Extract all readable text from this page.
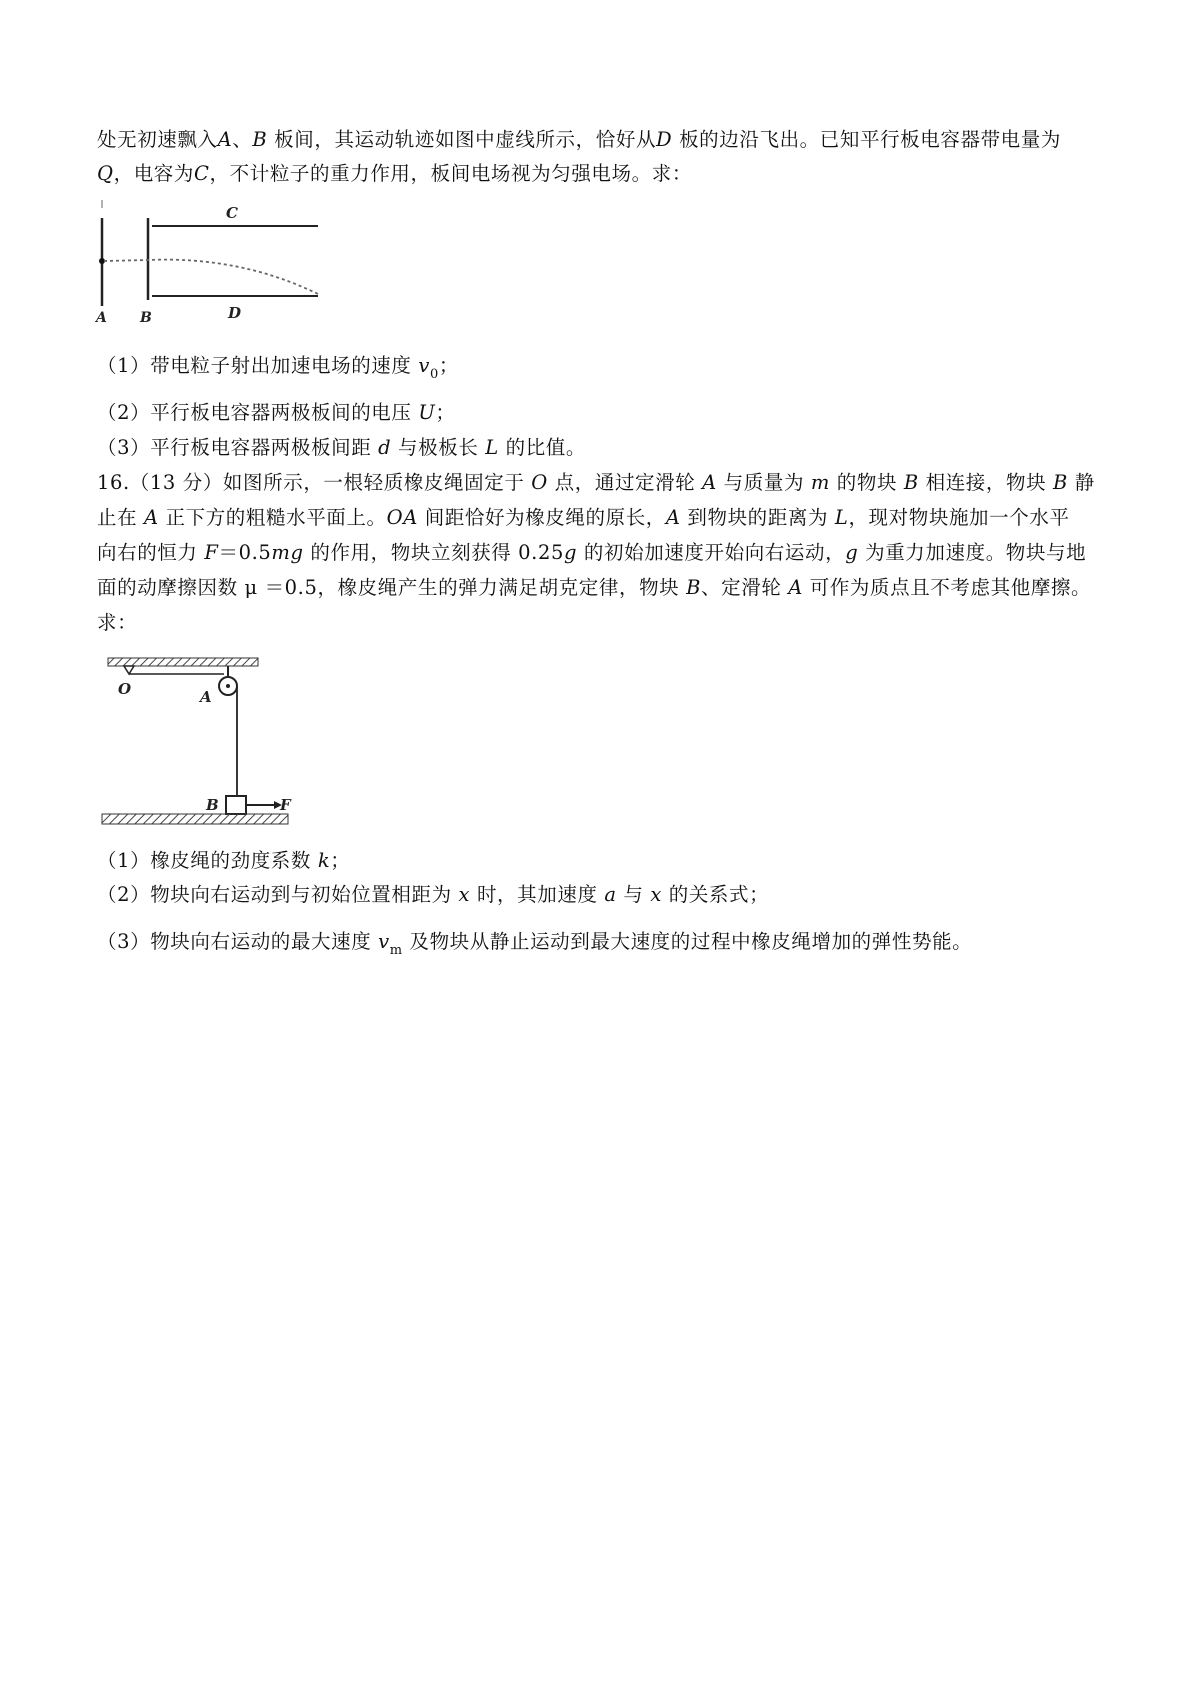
处无初速飘入A、B 板间，其运动轨迹如图中虚线所示，恰好从D 板的边沿飞出。已知平行板电容器带电量为
Q，电容为C，不计粒子的重力作用，板间电场视为匀强电场。求：
C
D
A B
（1）带电粒子射出加速电场的速度 $v_0$；
（2）平行板电容器两极板间的电压 U；
（3）平行板电容器两极板间距 d 与极板长 L 的比值。
16.（13 分）如图所示，一根轻质橡皮绳固定于 O 点，通过定滑轮 A 与质量为 m 的物块 B 相连接，物块 B 静
止在 A 正下方的粗糙水平面上。OA 间距恰好为橡皮绳的原长，A 到物块的距离为 L，现对物块施加一个水平
向右的恒力 F＝0.5mg 的作用，物块立刻获得 0.25g 的初始加速度开始向右运动，g 为重力加速度。物块与地
面的动摩擦因数 μ ＝0.5，橡皮绳产生的弹力满足胡克定律，物块 B、定滑轮 A 可作为质点且不考虑其他摩擦。
求：
O	A
B	F
（1）橡皮绳的劲度系数 k；
（2）物块向右运动到与初始位置相距为 x 时，其加速度 a 与 x 的关系式；
（3）物块向右运动的最大速度 $v_m$ 及物块从静止运动到最大速度的过程中橡皮绳增加的弹性势能。
